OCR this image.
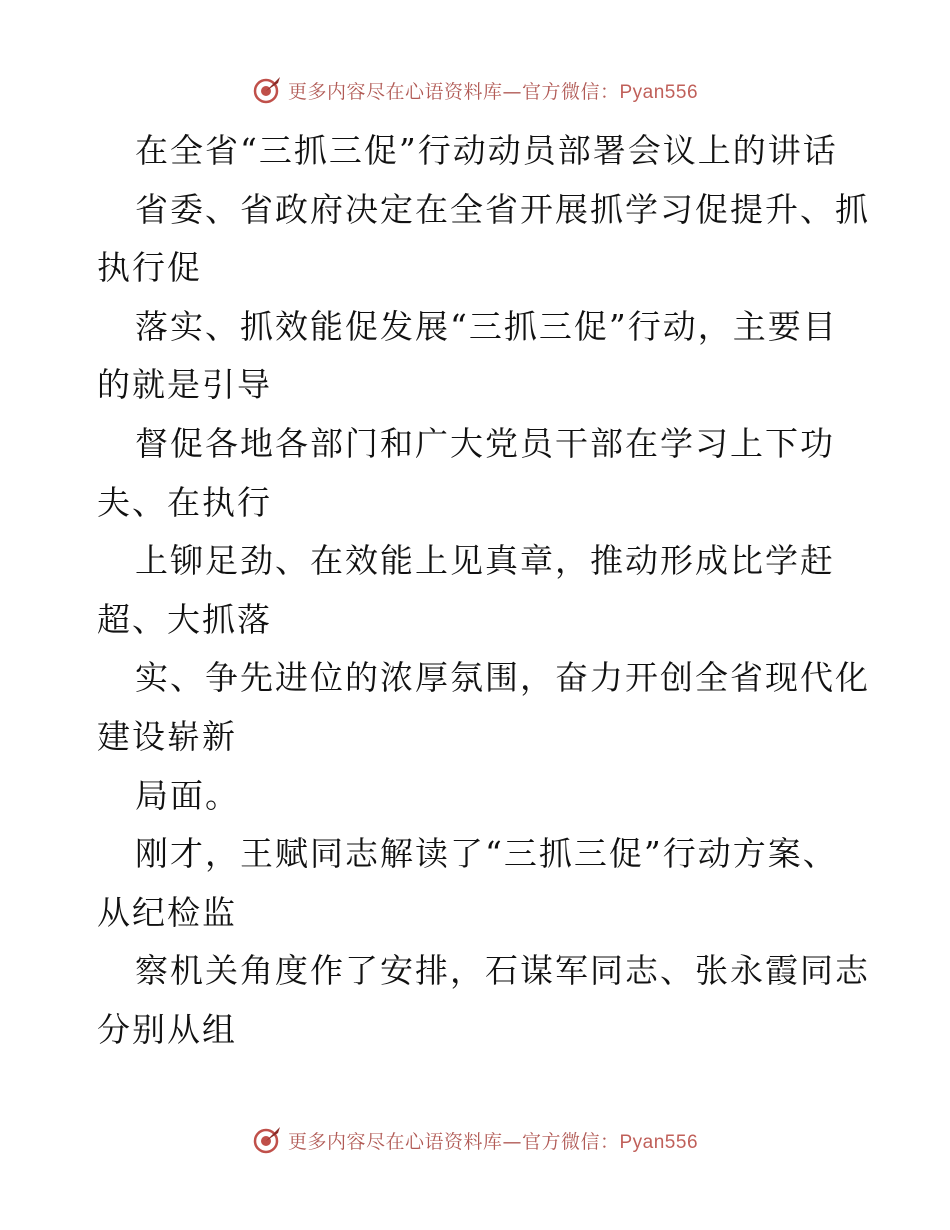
更多内容尽在心语资料库—官方微信：Pyan556
在全省“三抓三促”行动动员部署会议上的讲话
省委、省政府决定在全省开展抓学习促提升、抓
执行促
落实、抓效能促发展“三抓三促”行动，主要目
的就是引导
督促各地各部门和广大党员干部在学习上下功
夫、在执行
上铆足劲、在效能上见真章，推动形成比学赶
超、大抓落
实、争先进位的浓厚氛围，奋力开创全省现代化
建设崭新
局面。
刚才，王赋同志解读了“三抓三促”行动方案、
从纪检监
察机关角度作了安排，石谋军同志、张永霞同志
分别从组
更多内容尽在心语资料库—官方微信：Pyan556
